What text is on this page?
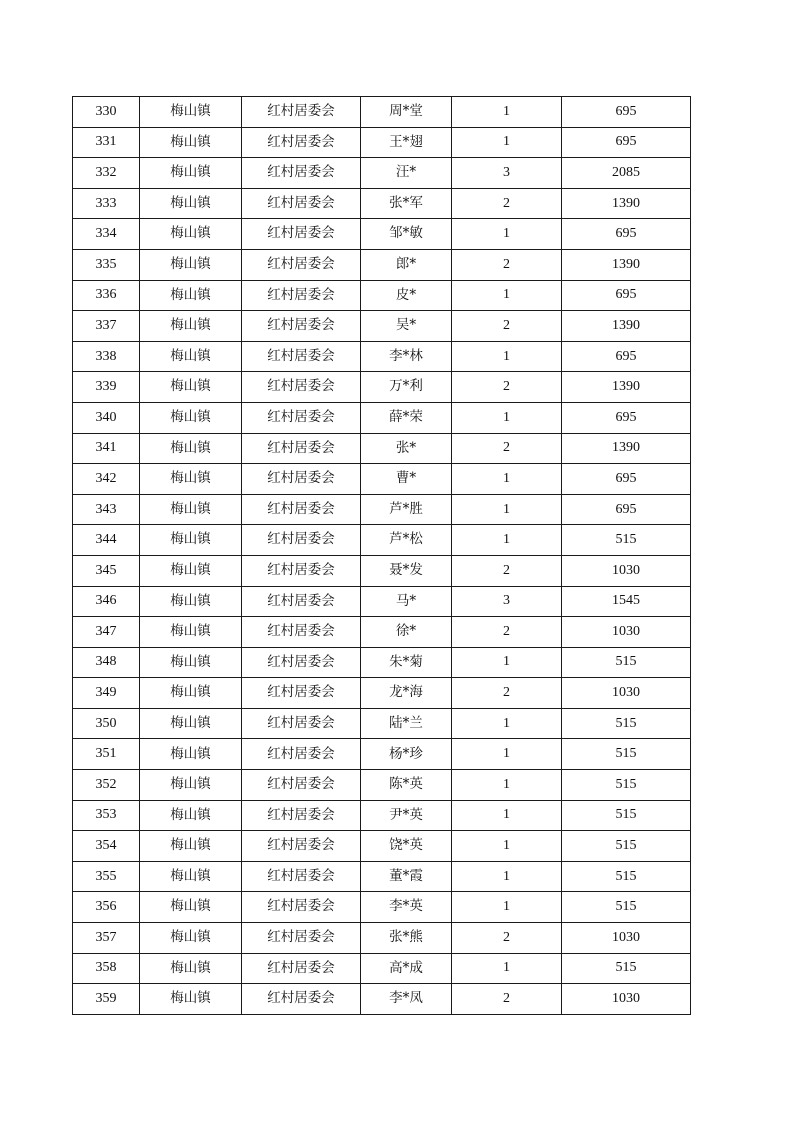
330	梅山镇	红村居委会	周*堂	1	695
331	梅山镇	红村居委会	王*翅	1	695
332	梅山镇	红村居委会	汪*	3	2085
333	梅山镇	红村居委会	张*军	2	1390
334	梅山镇	红村居委会	邹*敏	1	695
335	梅山镇	红村居委会	郎*	2	1390
336	梅山镇	红村居委会	皮*	1	695
337	梅山镇	红村居委会	吴*	2	1390
338	梅山镇	红村居委会	李*林	1	695
339	梅山镇	红村居委会	万*利	2	1390
340	梅山镇	红村居委会	薛*荣	1	695
341	梅山镇	红村居委会	张*	2	1390
342	梅山镇	红村居委会	曹*	1	695
343	梅山镇	红村居委会	芦*胜	1	695
344	梅山镇	红村居委会	芦*松	1	515
345	梅山镇	红村居委会	聂*发	2	1030
346	梅山镇	红村居委会	马*	3	1545
347	梅山镇	红村居委会	徐*	2	1030
348	梅山镇	红村居委会	朱*菊	1	515
349	梅山镇	红村居委会	龙*海	2	1030
350	梅山镇	红村居委会	陆*兰	1	515
351	梅山镇	红村居委会	杨*珍	1	515
352	梅山镇	红村居委会	陈*英	1	515
353	梅山镇	红村居委会	尹*英	1	515
354	梅山镇	红村居委会	饶*英	1	515
355	梅山镇	红村居委会	董*霞	1	515
356	梅山镇	红村居委会	李*英	1	515
357	梅山镇	红村居委会	张*熊	2	1030
358	梅山镇	红村居委会	高*成	1	515
359	梅山镇	红村居委会	李*凤	2	1030
